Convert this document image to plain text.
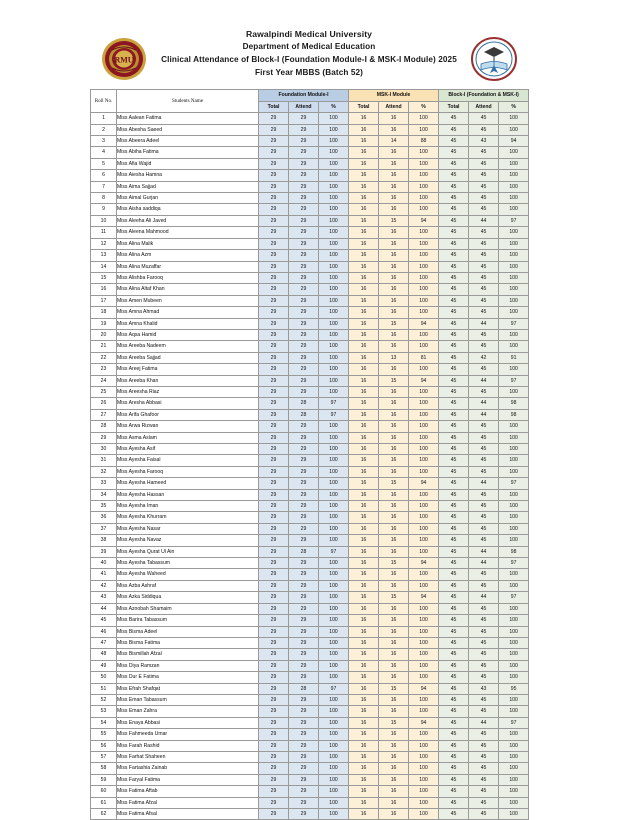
RMU
Rawalpindi Medical University
Department of Medical Education
Clinical Attendance of Block-I (Foundation Module-I & MSK-I Module) 2025
First Year MBBS (Batch 52)
Roll No.	Students Name	Foundation Module-I			MSK-I Module			Block-I (Foundation & MSK-I)		
		Total	Attend	%	Total	Attend	%	Total	Attend	%
1	Miss Aalean Fatima	29	29	100	16	16	100	45	45	100
2	Miss Abesha Saeed	29	29	100	16	16	100	45	45	100
3	Miss Abeera Adeel	29	29	100	16	14	88	45	43	94
4	Miss Abiha Fatima	29	29	100	16	16	100	45	45	100
5	Miss Afia Wajid	29	29	100	16	16	100	45	45	100
6	Miss Aiesha Hamna	29	29	100	16	16	100	45	45	100
7	Miss Aima Sajjad	29	29	100	16	16	100	45	45	100
8	Miss Aimal Gurjan	29	29	100	16	16	100	45	45	100
9	Miss Aisha saddiqa	29	29	100	16	16	100	45	45	100
10	Miss Aleeha Ali Javed	29	29	100	16	15	94	45	44	97
11	Miss Aleena Mahmood	29	29	100	16	16	100	45	45	100
12	Miss Alina Malik	29	29	100	16	16	100	45	45	100
13	Miss Alina Azm	29	29	100	16	16	100	45	45	100
14	Miss Alina Muzaffar	29	29	100	16	16	100	45	45	100
15	Miss Alishba Farooq	29	29	100	16	16	100	45	45	100
16	Miss Alina Altaf Khan	29	29	100	16	16	100	45	45	100
17	Miss Amen Mubeen	29	29	100	16	16	100	45	45	100
18	Miss Amna Ahmad	29	29	100	16	16	100	45	45	100
19	Miss Amna Khalid	29	29	100	16	15	94	45	44	97
20	Miss Aqsa Hamid	29	29	100	16	16	100	45	45	100
21	Miss Areeba Nadeem	29	29	100	16	16	100	45	45	100
22	Miss Areeba Sajjad	29	29	100	16	13	81	45	42	91
23	Miss Areej Fatima	29	29	100	16	16	100	45	45	100
24	Miss Areeba Khan	29	29	100	16	15	94	45	44	97
25	Miss Areesha Riaz	29	29	100	16	16	100	45	45	100
26	Miss Aresha Abbasi	29	28	97	16	16	100	45	44	98
27	Miss Arifa Ghafoor	29	28	97	16	16	100	45	44	98
28	Miss Arwa Rizwan	29	29	100	16	16	100	45	45	100
29	Miss Asma Aslam	29	29	100	16	16	100	45	45	100
30	Miss Ayesha Asif	29	29	100	16	16	100	45	45	100
31	Miss Ayesha Faisal	29	29	100	16	16	100	45	45	100
32	Miss Ayesha Farooq	29	29	100	16	16	100	45	45	100
33	Miss Ayesha Hameed	29	29	100	16	15	94	45	44	97
34	Miss Ayesha Hassan	29	29	100	16	16	100	45	45	100
35	Miss Ayesha Iman	29	29	100	16	16	100	45	45	100
36	Miss Ayesha Khurram	29	29	100	16	16	100	45	45	100
37	Miss Ayesha Nasar	29	29	100	16	16	100	45	45	100
38	Miss Ayesha Navaz	29	29	100	16	16	100	45	45	100
39	Miss Ayesha Qurat Ul Ain	29	28	97	16	16	100	45	44	98
40	Miss Ayesha Tabassum	29	29	100	16	15	94	45	44	97
41	Miss Ayesha Waheed	29	29	100	16	16	100	45	45	100
42	Miss Azba Ashraf	29	29	100	16	16	100	45	45	100
43	Miss Azka Siddiqua	29	29	100	16	15	94	45	44	97
44	Miss Azoobah Shamaim	29	29	100	16	16	100	45	45	100
45	Miss Barira Tabassum	29	29	100	16	16	100	45	45	100
46	Miss Bisma Adeel	29	29	100	16	16	100	45	45	100
47	Miss Bisma Fatima	29	29	100	16	16	100	45	45	100
48	Miss Bismillah Afzal	29	29	100	16	16	100	45	45	100
49	Miss Diya Ramzan	29	29	100	16	16	100	45	45	100
50	Miss Dur E Fatima	29	29	100	16	16	100	45	45	100
51	Miss Efrah Shafqat	29	28	97	16	15	94	45	43	95
52	Miss Eman Tabassum	29	29	100	16	16	100	45	45	100
53	Miss Eman Zahra	29	29	100	16	16	100	45	45	100
54	Miss Enaya Abbasi	29	29	100	16	15	94	45	44	97
55	Miss Fahmeeda Umar	29	29	100	16	16	100	45	45	100
56	Miss Farah Rashid	29	29	100	16	16	100	45	45	100
57	Miss Farhat Shaheen	29	29	100	16	16	100	45	45	100
58	Miss Fartashia Zainab	29	29	100	16	16	100	45	45	100
59	Miss Faryal Fatima	29	29	100	16	16	100	45	45	100
60	Miss Fatima Aftab	29	29	100	16	16	100	45	45	100
61	Miss Fatima Afzal	29	29	100	16	16	100	45	45	100
62	Miss Fatima Afsal	29	29	100	16	16	100	45	45	100
